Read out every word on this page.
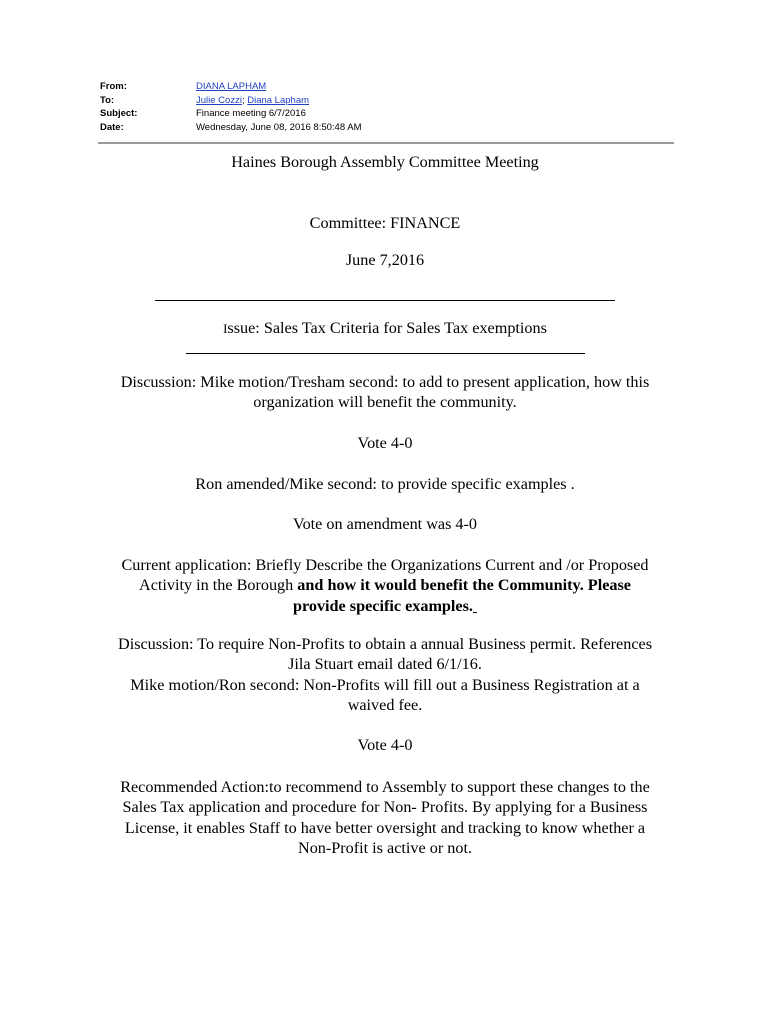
From:	DIANA LAPHAM
To:	Julie Cozzi; Diana Lapham
Subject:	Finance meeting 6/7/2016
Date:	Wednesday, June 08, 2016 8:50:48 AM
Haines Borough Assembly Committee Meeting
Committee: FINANCE
June 7,2016
Issue: Sales Tax Criteria for Sales Tax exemptions
Discussion: Mike motion/Tresham second: to add to present application, how this
organization will benefit the community.
Vote 4-0
Ron amended/Mike second: to provide specific examples .
Vote on amendment was 4-0
Current application: Briefly Describe the Organizations Current and /or Proposed
Activity in the Borough and how it would benefit the Community. Please
provide specific examples.
Discussion: To require Non-Profits to obtain a annual Business permit. References
Jila Stuart email dated 6/1/16.
Mike motion/Ron second: Non-Profits will fill out a Business Registration at a
waived fee.
Vote 4-0
Recommended Action:to recommend to Assembly to support these changes to the
Sales Tax application and procedure for Non- Profits. By applying for a Business
License, it enables Staff to have better oversight and tracking to know whether a
Non-Profit is active or not.
